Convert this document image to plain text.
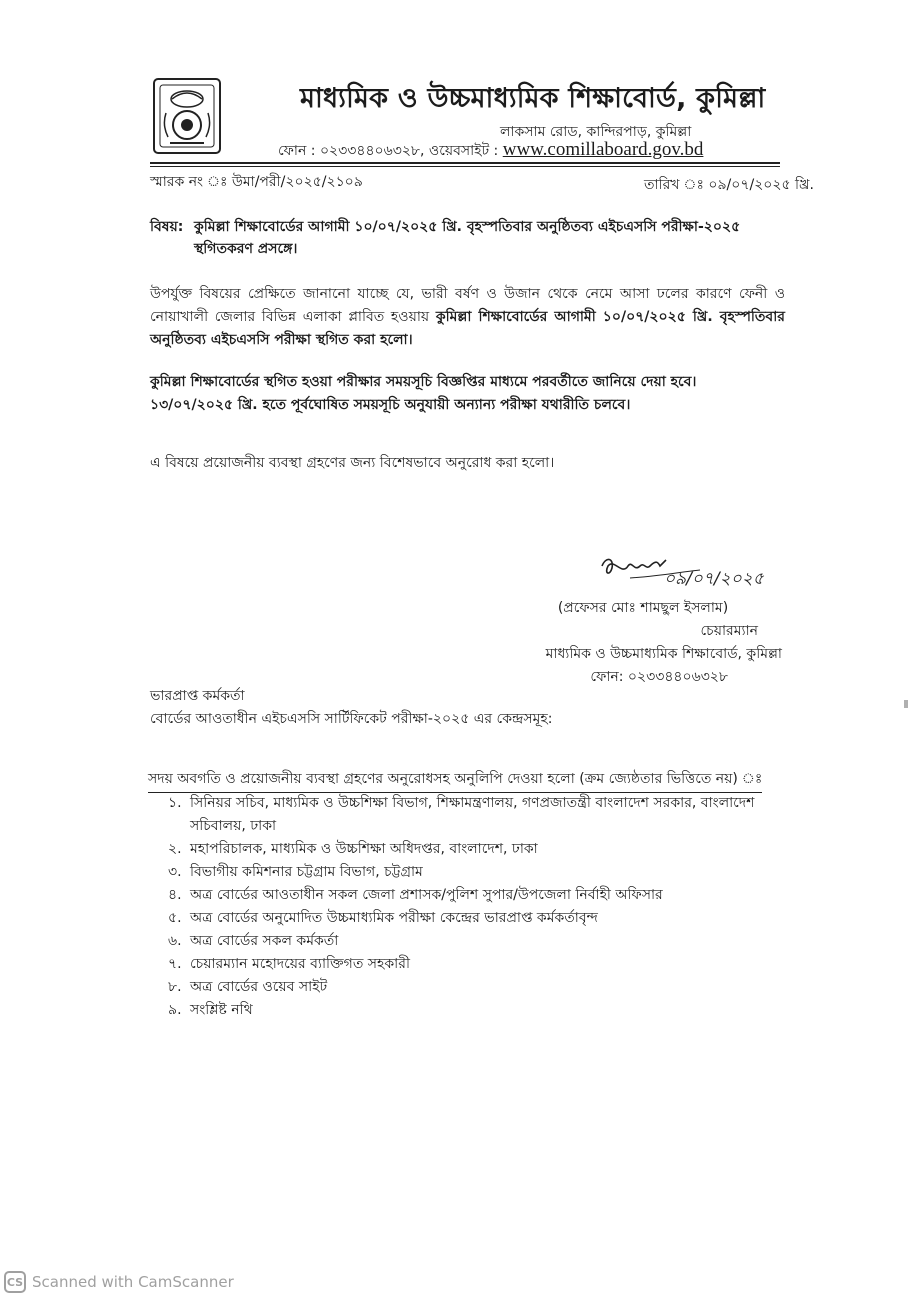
মাধ্যমিক ও উচ্চমাধ্যমিক শিক্ষাবোর্ড, কুমিল্লা
লাকসাম রোড, কান্দিরপাড়, কুমিল্লা
ফোন : ০২৩৩৪৪০৬৩২৮, ওয়েবসাইট : www.comillaboard.gov.bd
স্মারক নং ঃ উমা/পরী/২০২৫/২১০৯	তারিখ ঃ ০৯/০৭/২০২৫ খ্রি.
বিষয়: কুমিল্লা শিক্ষাবোর্ডের আগামী ১০/০৭/২০২৫ খ্রি. বৃহস্পতিবার অনুষ্ঠিতব্য এইচএসসি পরীক্ষা-২০২৫
স্থগিতকরণ প্রসঙ্গে।
উপর্যুক্ত বিষয়ের প্রেক্ষিতে জানানো যাচ্ছে যে, ভারী বর্ষণ ও উজান থেকে নেমে আসা ঢলের কারণে ফেনী ও নোয়াখালী জেলার বিভিন্ন এলাকা প্লাবিত হওয়ায় কুমিল্লা শিক্ষাবোর্ডের আগামী ১০/০৭/২০২৫ খ্রি. বৃহস্পতিবার অনুষ্ঠিতব্য এইচএসসি পরীক্ষা স্থগিত করা হলো।
কুমিল্লা শিক্ষাবোর্ডের স্থগিত হওয়া পরীক্ষার সময়সূচি বিজ্ঞপ্তির মাধ্যমে পরবর্তীতে জানিয়ে দেয়া হবে।
১৩/০৭/২০২৫ খ্রি. হতে পূর্বঘোষিত সময়সূচি অনুযায়ী অন্যান্য পরীক্ষা যথারীতি চলবে।
এ বিষয়ে প্রয়োজনীয় ব্যবস্থা গ্রহণের জন্য বিশেষভাবে অনুরোধ করা হলো।
০৯/০৭/২০২৫
(প্রফেসর মোঃ শামছুল ইসলাম)
চেয়ারম্যান
মাধ্যমিক ও উচ্চমাধ্যমিক শিক্ষাবোর্ড, কুমিল্লা
ফোন: ০২৩৩৪৪০৬৩২৮
ভারপ্রাপ্ত কর্মকর্তা
বোর্ডের আওতাধীন এইচএসসি সার্টিফিকেট পরীক্ষা-২০২৫ এর কেন্দ্রসমূহ:
সদয় অবগতি ও প্রয়োজনীয় ব্যবস্থা গ্রহণের অনুরোধসহ অনুলিপি দেওয়া হলো (ক্রম জ্যেষ্ঠতার ভিত্তিতে নয়) ঃ
১. সিনিয়র সচিব, মাধ্যমিক ও উচ্চশিক্ষা বিভাগ, শিক্ষামন্ত্রণালয়, গণপ্রজাতন্ত্রী বাংলাদেশ সরকার, বাংলাদেশ সচিবালয়, ঢাকা
২. মহাপরিচালক, মাধ্যমিক ও উচ্চশিক্ষা অধিদপ্তর, বাংলাদেশ, ঢাকা
৩. বিভাগীয় কমিশনার চট্টগ্রাম বিভাগ, চট্টগ্রাম
৪. অত্র বোর্ডের আওতাধীন সকল জেলা প্রশাসক/পুলিশ সুপার/উপজেলা নির্বাহী অফিসার
৫. অত্র বোর্ডের অনুমোদিত উচ্চমাধ্যমিক পরীক্ষা কেন্দ্রের ভারপ্রাপ্ত কর্মকর্তাবৃন্দ
৬. অত্র বোর্ডের সকল কর্মকর্তা
৭. চেয়ারম্যান মহোদয়ের ব্যাক্তিগত সহকারী
৮. অত্র বোর্ডের ওয়েব সাইট
৯. সংশ্লিষ্ট নথি
CS Scanned with CamScanner
